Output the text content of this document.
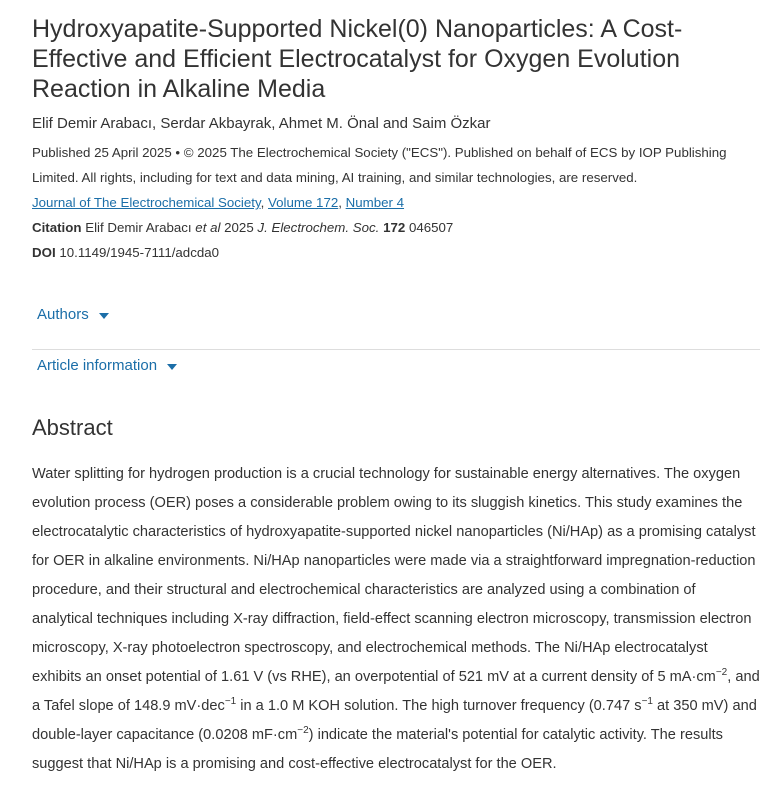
Hydroxyapatite-Supported Nickel(0) Nanoparticles: A Cost-Effective and Efficient Electrocatalyst for Oxygen Evolution Reaction in Alkaline Media
Elif Demir Arabacı, Serdar Akbayrak, Ahmet M. Önal and Saim Özkar
Published 25 April 2025 • © 2025 The Electrochemical Society ("ECS"). Published on behalf of ECS by IOP Publishing Limited. All rights, including for text and data mining, AI training, and similar technologies, are reserved.
Journal of The Electrochemical Society, Volume 172, Number 4
Citation Elif Demir Arabacı et al 2025 J. Electrochem. Soc. 172 046507
DOI 10.1149/1945-7111/adcda0
Authors
Article information
Abstract

Water splitting for hydrogen production is a crucial technology for sustainable energy alternatives. The oxygen evolution process (OER) poses a considerable problem owing to its sluggish kinetics. This study examines the electrocatalytic characteristics of hydroxyapatite-supported nickel nanoparticles (Ni/HAp) as a promising catalyst for OER in alkaline environments. Ni/HAp nanoparticles were made via a straightforward impregnation-reduction procedure, and their structural and electrochemical characteristics are analyzed using a combination of analytical techniques including X-ray diffraction, field-effect scanning electron microscopy, transmission electron microscopy, X-ray photoelectron spectroscopy, and electrochemical methods. The Ni/HAp electrocatalyst exhibits an onset potential of 1.61 V (vs RHE), an overpotential of 521 mV at a current density of 5 $mA\cdot cm^{-2}$, and a Tafel slope of 148.9 mV·dec$^{-1}$ in a 1.0 M KOH solution. The high turnover frequency (0.747 $s^{-1}$ at 350 mV) and double-layer capacitance (0.0208 $mF\cdot cm^{-2}$) indicate the material's potential for catalytic activity. The results suggest that Ni/HAp is a promising and cost-effective electrocatalyst for the OER.
